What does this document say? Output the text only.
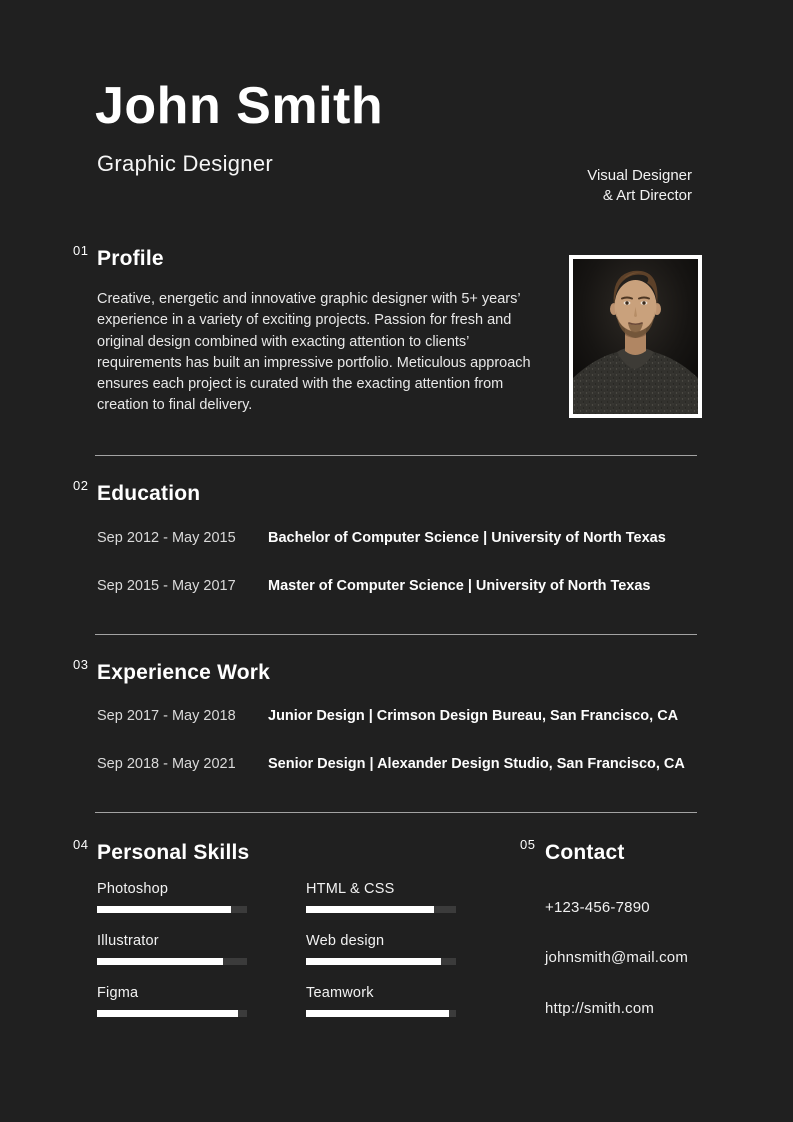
John Smith
Graphic Designer	Visual Designer
& Art Director
01 Profile

Creative, energetic and innovative graphic designer with 5+ years’ experience in a variety of exciting projects. Passion for fresh and original design combined with exacting attention to clients’ requirements has built an impressive portfolio. Meticulous approach ensures each project is curated with the exacting attention from creation to final delivery.

02 Education
Sep 2012 - May 2015	Bachelor of Computer Science | University of North Texas
Sep 2015 - May 2017	Master of Computer Science | University of North Texas
03 Experience Work
Sep 2017 - May 2018	Junior Design | Crimson Design Bureau, San Francisco, CA
Sep 2018 - May 2021	Senior Design | Alexander Design Studio, San Francisco, CA
04 Personal Skills
Photoshop
Illustrator
Figma
HTML & CSS
Web design
Teamwork
05 Contact
+123-456-7890
johnsmith@mail.com
http://smith.com
